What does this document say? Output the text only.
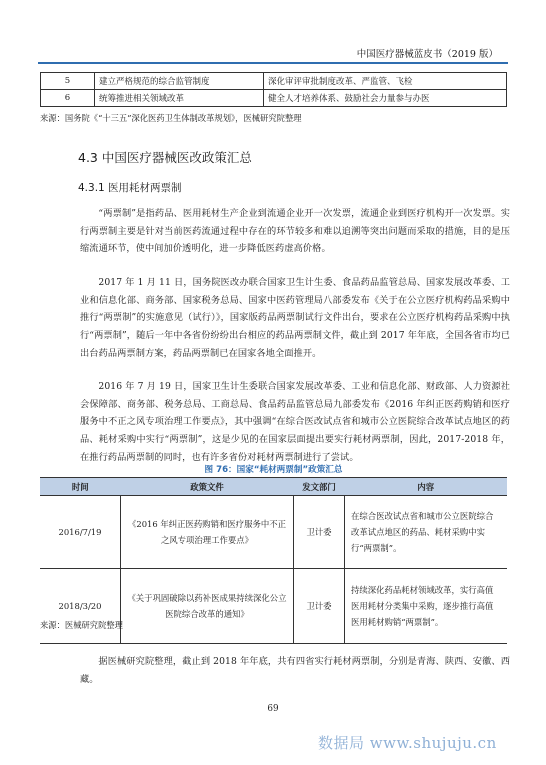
中国医疗器械蓝皮书（2019 版）
5	建立严格规范的综合监管制度	深化审评审批制度改革、严监管、飞检
6	统筹推进相关领域改革	健全人才培养体系、鼓励社会力量参与办医
来源：国务院《“十三五”深化医药卫生体制改革规划》，医械研究院整理
4.3 中国医疗器械医改政策汇总
4.3.1 医用耗材两票制

“两票制”是指药品、医用耗材生产企业到流通企业开一次发票，流通企业到医疗机构开一次发票。实行两票制主要是针对当前医药流通过程中存在的环节较多和难以追溯等突出问题而采取的措施，目的是压缩流通环节，使中间加价透明化，进一步降低医药虚高价格。

2017 年 1 月 11 日，国务院医改办联合国家卫生计生委、食品药品监管总局、国家发展改革委、工业和信息化部、商务部、国家税务总局、国家中医药管理局八部委发布《关于在公立医疗机构药品采购中推行“两票制”的实施意见（试行）》，国家版药品两票制试行文件出台，要求在公立医疗机构药品采购中执行“两票制”，随后一年中各省份纷纷出台相应的药品两票制文件，截止到 2017 年年底，全国各省市均已出台药品两票制方案，药品两票制已在国家各地全面推开。

2016 年 7 月 19 日，国家卫生计生委联合国家发展改革委、工业和信息化部、财政部、人力资源社会保障部、商务部、税务总局、工商总局、食品药品监管总局九部委发布《2016 年纠正医药购销和医疗服务中不正之风专项治理工作要点》，其中强调“在综合医改试点省和城市公立医院综合改革试点地区的药品、耗材采购中实行“两票制”，这是少见的在国家层面提出要实行耗材两票制，因此，2017-2018 年，在推行药品两票制的同时，也有许多省份对耗材两票制进行了尝试。

图 76：国家“耗材两票制”政策汇总
时间	政策文件	发文部门	内容
2016/7/19	《2016 年纠正医药购销和医疗服务中不正之风专项治理工作要点》	卫计委	在综合医改试点省和城市公立医院综合改革试点地区的药品、耗材采购中实行“两票制”。
2018/3/20	《关于巩固破除以药补医成果持续深化公立医院综合改革的通知》	卫计委	持续深化药品耗材领域改革，实行高值医用耗材分类集中采购，逐步推行高值医用耗材购销“两票制”。
来源：医械研究院整理

据医械研究院整理，截止到 2018 年年底，共有四省实行耗材两票制，分别是青海、陕西、安徽、西藏。

69
数据局 www.shujuju.cn
